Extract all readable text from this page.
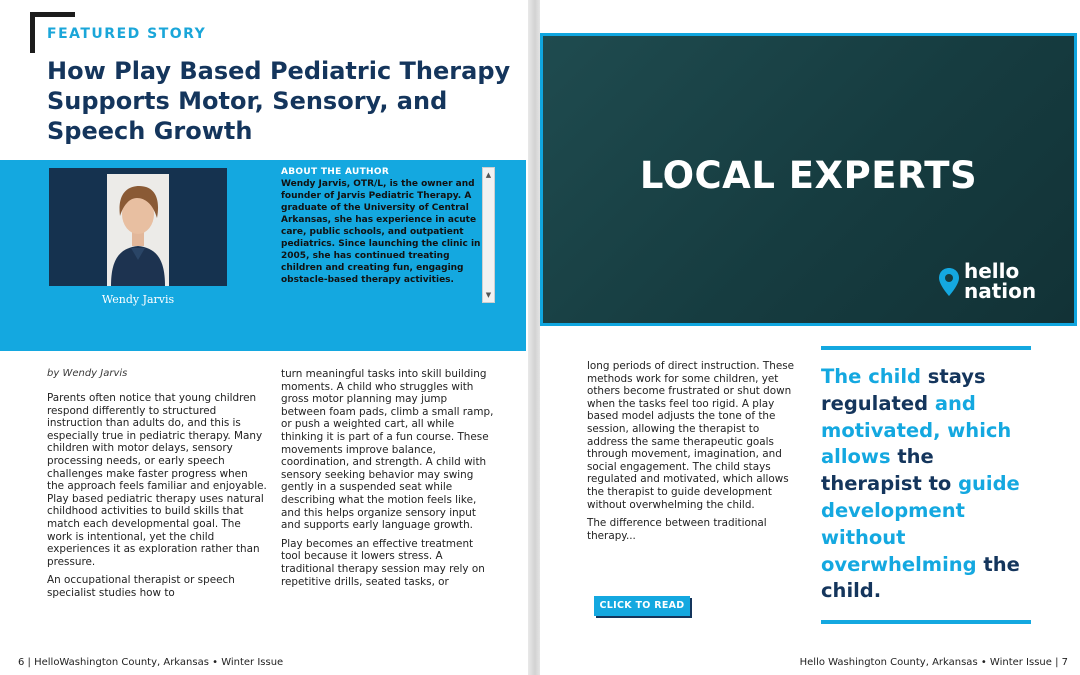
FEATURED STORY
How Play Based Pediatric Therapy Supports Motor, Sensory, and Speech Growth
Wendy Jarvis

ABOUT THE AUTHOR

Wendy Jarvis, OTR/L, is the owner and founder of Jarvis Pediatric Therapy. A graduate of the University of Central Arkansas, she has experience in acute care, public schools, and outpatient pediatrics. Since launching the clinic in 2005, she has continued treating children and creating fun, engaging obstacle-based therapy activities.

▲
▼
by Wendy Jarvis

Parents often notice that young children respond differently to structured instruction than adults do, and this is especially true in pediatric therapy. Many children with motor delays, sensory processing needs, or early speech challenges make faster progress when the approach feels familiar and enjoyable. Play based pediatric therapy uses natural childhood activities to build skills that match each developmental goal. The work is intentional, yet the child experiences it as exploration rather than pressure.

An occupational therapist or speech specialist studies how to

turn meaningful tasks into skill building moments. A child who struggles with gross motor planning may jump between foam pads, climb a small ramp, or push a weighted cart, all while thinking it is part of a fun course. These movements improve balance, coordination, and strength. A child with sensory seeking behavior may swing gently in a suspended seat while describing what the motion feels like, and this helps organize sensory input and supports early language growth.

Play becomes an effective treatment tool because it lowers stress. A traditional therapy session may rely on repetitive drills, seated tasks, or

6 | HelloWashington County, Arkansas • Winter Issue
LOCAL EXPERTS
hello
nation

long periods of direct instruction. These methods work for some children, yet others become frustrated or shut down when the tasks feel too rigid. A play based model adjusts the tone of the session, allowing the therapist to address the same therapeutic goals through movement, imagination, and social engagement. The child stays regulated and motivated, which allows the therapist to guide development without overwhelming the child.

The difference between traditional therapy...

CLICK TO READ

The child stays regulated and motivated, which allows the therapist to guide development without overwhelming the child.

Hello Washington County, Arkansas • Winter Issue | 7
